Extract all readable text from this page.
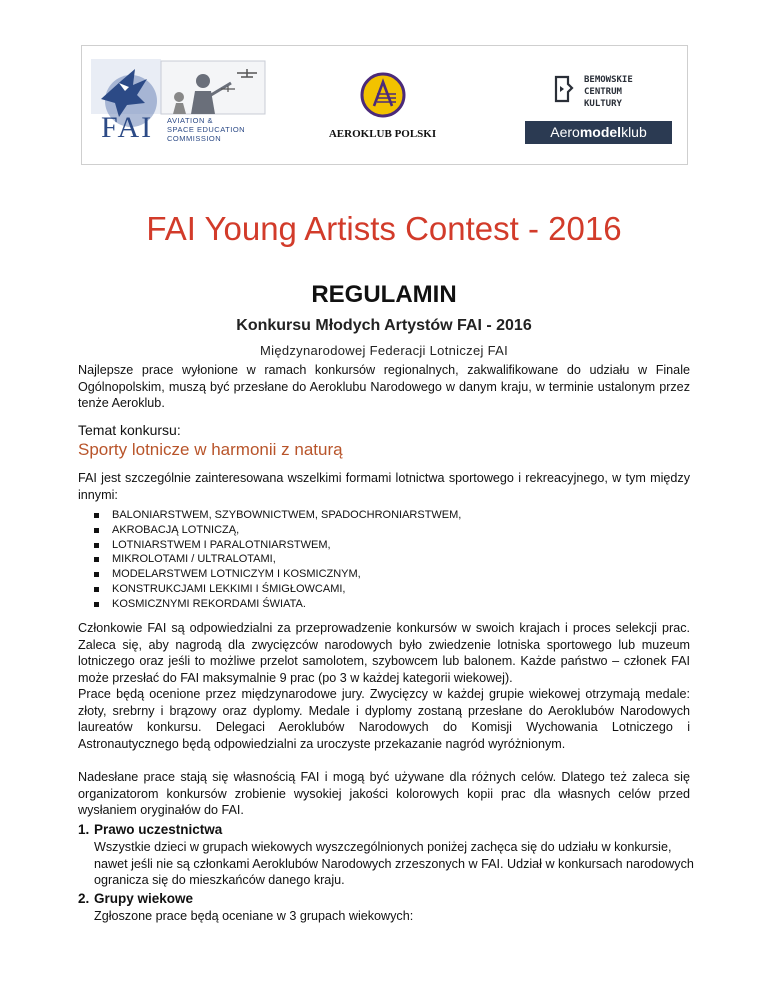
FAI AVIATION &
SPACE EDUCATION
COMMISSION	AEROKLUB POLSKI
BEMOWSKIE
CENTRUM
KULTURY
Aeromodelklub
FAI Young Artists Contest - 2016
REGULAMIN
Konkursu Młodych Artystów FAI - 2016
Międzynarodowej Federacji Lotniczej FAI
Najlepsze prace wyłonione w ramach konkursów regionalnych, zakwalifikowane do udziału w Finale Ogólnopolskim, muszą być przesłane do Aeroklubu Narodowego w danym kraju, w terminie ustalonym przez tenże Aeroklub.
Temat konkursu:
Sporty lotnicze w harmonii z naturą
FAI jest szczególnie zainteresowana wszelkimi formami lotnictwa sportowego i rekreacyjnego, w tym między innymi:
BALONIARSTWEM, SZYBOWNICTWEM, SPADOCHRONIARSTWEM,
AKROBACJĄ LOTNICZĄ,
LOTNIARSTWEM I PARALOTNIARSTWEM,
MIKROLOTAMI / ULTRALOTAMI,
MODELARSTWEM LOTNICZYM I KOSMICZNYM,
KONSTRUKCJAMI LEKKIMI I ŚMIGŁOWCAMI,
KOSMICZNYMI REKORDAMI ŚWIATA.
Członkowie FAI są odpowiedzialni za przeprowadzenie konkursów w swoich krajach i proces selekcji prac. Zaleca się, aby nagrodą dla zwycięzców narodowych było zwiedzenie lotniska sportowego lub muzeum lotniczego oraz jeśli to możliwe przelot samolotem, szybowcem lub balonem. Każde państwo – członek FAI może przesłać do FAI maksymalnie 9 prac (po 3 w każdej kategorii wiekowej).
Prace będą ocenione przez międzynarodowe jury. Zwycięzcy w każdej grupie wiekowej otrzymają medale: złoty, srebrny i brązowy oraz dyplomy. Medale i dyplomy zostaną przesłane do Aeroklubów Narodowych laureatów konkursu. Delegaci Aeroklubów Narodowych do Komisji Wychowania Lotniczego i Astronautycznego będą odpowiedzialni za uroczyste przekazanie nagród wyróżnionym.
Nadesłane prace stają się własnością FAI i mogą być używane dla różnych celów. Dlatego też zaleca się organizatorom konkursów zrobienie wysokiej jakości kolorowych kopii prac dla własnych celów przed wysłaniem oryginałów do FAI.
1. Prawo uczestnictwa
Wszystkie dzieci w grupach wiekowych wyszczególnionych poniżej zachęca się do udziału w konkursie, nawet jeśli nie są członkami Aeroklubów Narodowych zrzeszonych w FAI. Udział w konkursach narodowych ogranicza się do mieszkańców danego kraju.
2. Grupy wiekowe
Zgłoszone prace będą oceniane w 3 grupach wiekowych:
